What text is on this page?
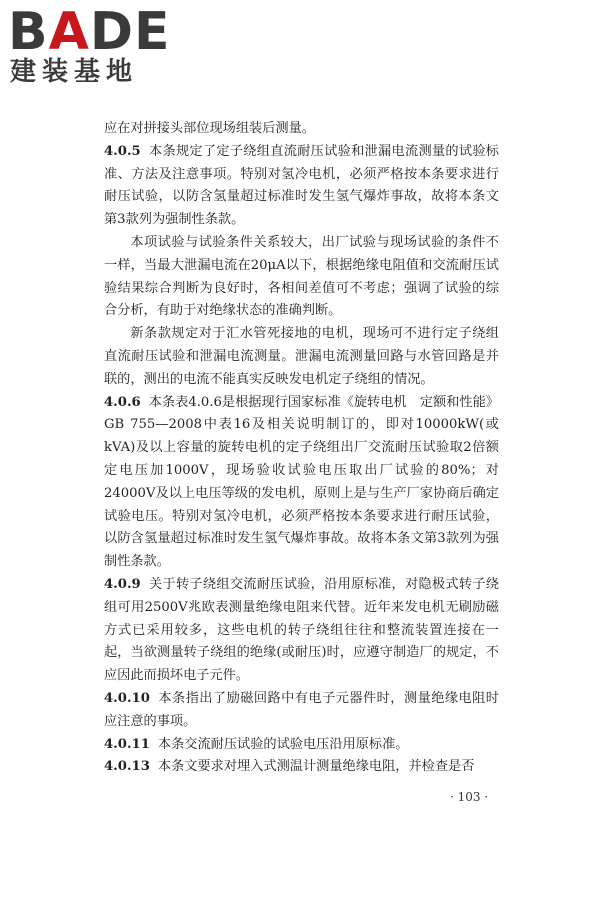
BADE
建装基地

应在对拼接头部位现场组装后测量。

4.0.5 本条规定了定子绕组直流耐压试验和泄漏电流测量的试验标准、方法及注意事项。特别对氢冷电机，必须严格按本条要求进行耐压试验，以防含氢量超过标准时发生氢气爆炸事故，故将本条文第3款列为强制性条款。

本项试验与试验条件关系较大，出厂试验与现场试验的条件不一样，当最大泄漏电流在20μA以下，根据绝缘电阻值和交流耐压试验结果综合判断为良好时，各相间差值可不考虑；强调了试验的综合分析，有助于对绝缘状态的准确判断。

新条款规定对于汇水管死接地的电机，现场可不进行定子绕组直流耐压试验和泄漏电流测量。泄漏电流测量回路与水管回路是并联的，测出的电流不能真实反映发电机定子绕组的情况。

4.0.6 本条表4.0.6是根据现行国家标准《旋转电机　定额和性能》GB 755—2008中表16及相关说明制订的，即对10000kW(或kVA)及以上容量的旋转电机的定子绕组出厂交流耐压试验取2倍额定电压加1000V，现场验收试验电压取出厂试验的80%；对24000V及以上电压等级的发电机，原则上是与生产厂家协商后确定试验电压。特别对氢冷电机，必须严格按本条要求进行耐压试验，以防含氢量超过标准时发生氢气爆炸事故。故将本条文第3款列为强制性条款。

4.0.9 关于转子绕组交流耐压试验，沿用原标准，对隐极式转子绕组可用2500V兆欧表测量绝缘电阻来代替。近年来发电机无刷励磁方式已采用较多，这些电机的转子绕组往往和整流装置连接在一起，当欲测量转子绕组的绝缘(或耐压)时，应遵守制造厂的规定，不应因此而损坏电子元件。

4.0.10 本条指出了励磁回路中有电子元器件时，测量绝缘电阻时应注意的事项。

4.0.11 本条交流耐压试验的试验电压沿用原标准。

4.0.13 本条文要求对埋入式测温计测量绝缘电阻，并检查是否

· 103 ·
